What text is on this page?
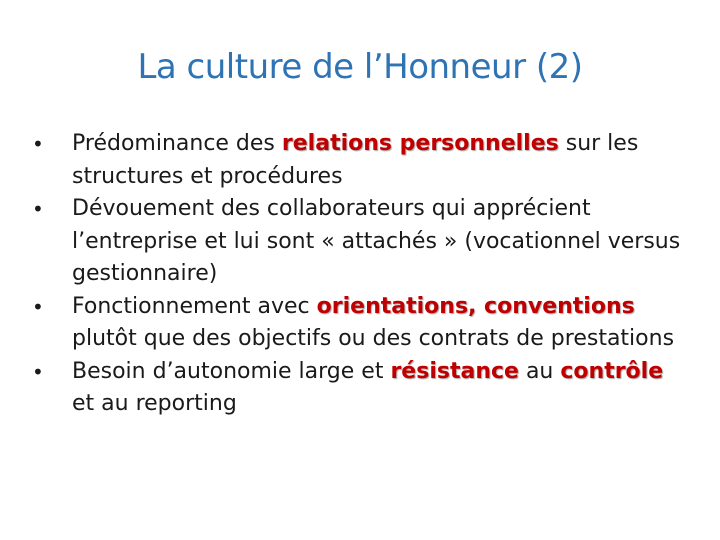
La culture de l’Honneur (2)
•	Prédominance des relations personnelles sur les structures et procédures
•	Dévouement des collaborateurs qui apprécient l’entreprise et lui sont « attachés » (vocationnel versus gestionnaire)
•	Fonctionnement avec orientations, conventions plutôt que des objectifs ou des contrats de prestations
•	Besoin d’autonomie large et résistance au contrôle et au reporting
